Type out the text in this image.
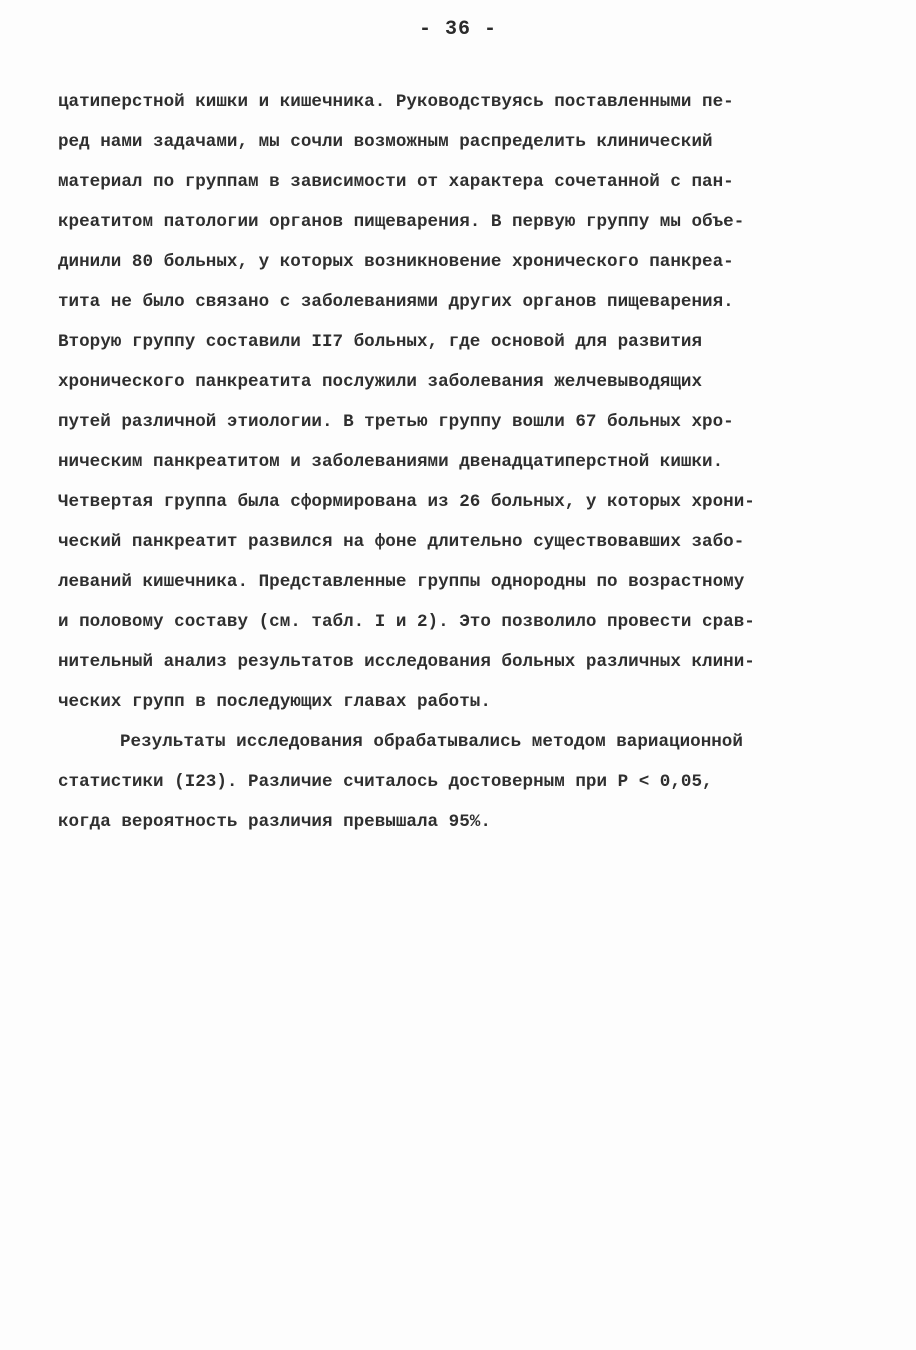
- 36 -
цатиперстной кишки и кишечника. Руководствуясь поставленными пе-
ред нами задачами, мы сочли возможным распределить клинический
материал по группам в зависимости от характера сочетанной с пан-
креатитом патологии органов пищеварения. В первую группу мы объе-
динили 80 больных, у которых возникновение хронического панкреа-
тита не было связано с заболеваниями других органов пищеварения.
Вторую группу составили II7 больных, где основой для развития
хронического панкреатита послужили заболевания желчевыводящих
путей различной этиологии. В третью группу вошли 67 больных хро-
ническим панкреатитом и заболеваниями двенадцатиперстной кишки.
Четвертая группа была сформирована из 26 больных, у которых хрони-
ческий панкреатит развился на фоне длительно существовавших забо-
леваний кишечника. Представленные группы однородны по возрастному
и половому составу (см. табл. I и 2). Это позволило провести срав-
нительный анализ результатов исследования больных различных клини-
ческих групп в последующих главах работы.
Результаты исследования обрабатывались методом вариационной
статистики (I23). Различие считалось достоверным при P < 0,05,
когда вероятность различия превышала 95%.
